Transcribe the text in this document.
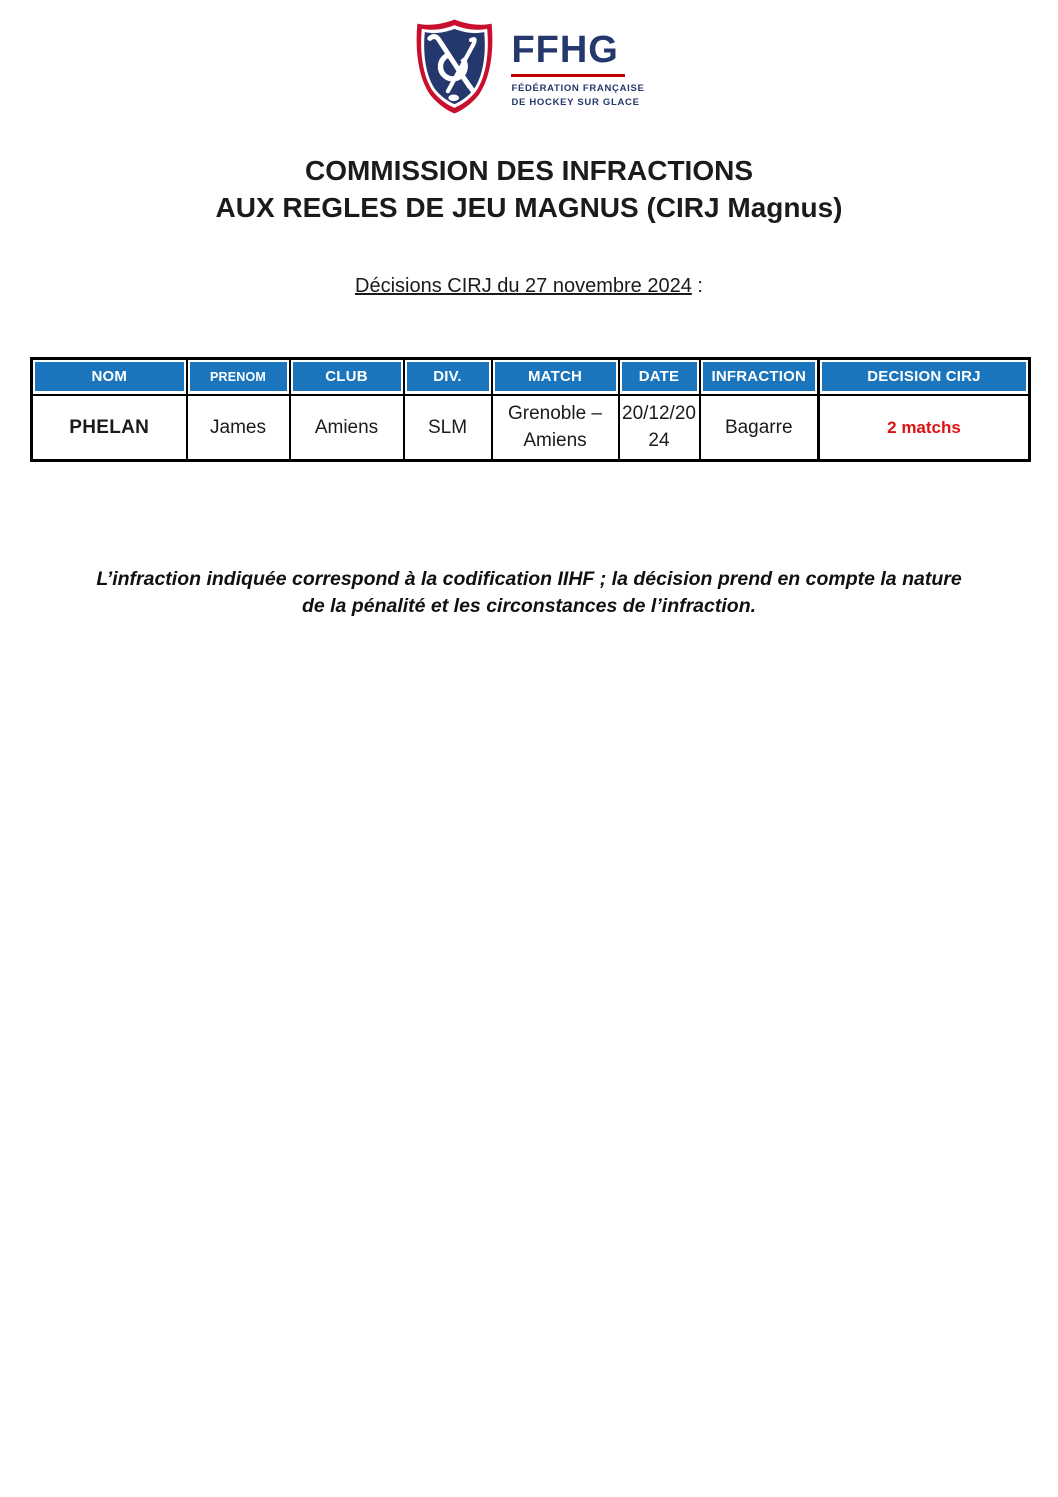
FFHG
FÉDÉRATION FRANÇAISE
DE HOCKEY SUR GLACE
COMMISSION DES INFRACTIONS
AUX REGLES DE JEU MAGNUS (CIRJ Magnus)
Décisions CIRJ du 27 novembre 2024 :
NOM	PRENOM	CLUB	DIV.	MATCH	DATE	INFRACTION	DECISION CIRJ

PHELAN	James	Amiens	SLM	Grenoble – Amiens	20/12/2024	Bagarre	2 matchs
L’infraction indiquée correspond à la codification IIHF ; la décision prend en compte la nature de la pénalité et les circonstances de l’infraction.
